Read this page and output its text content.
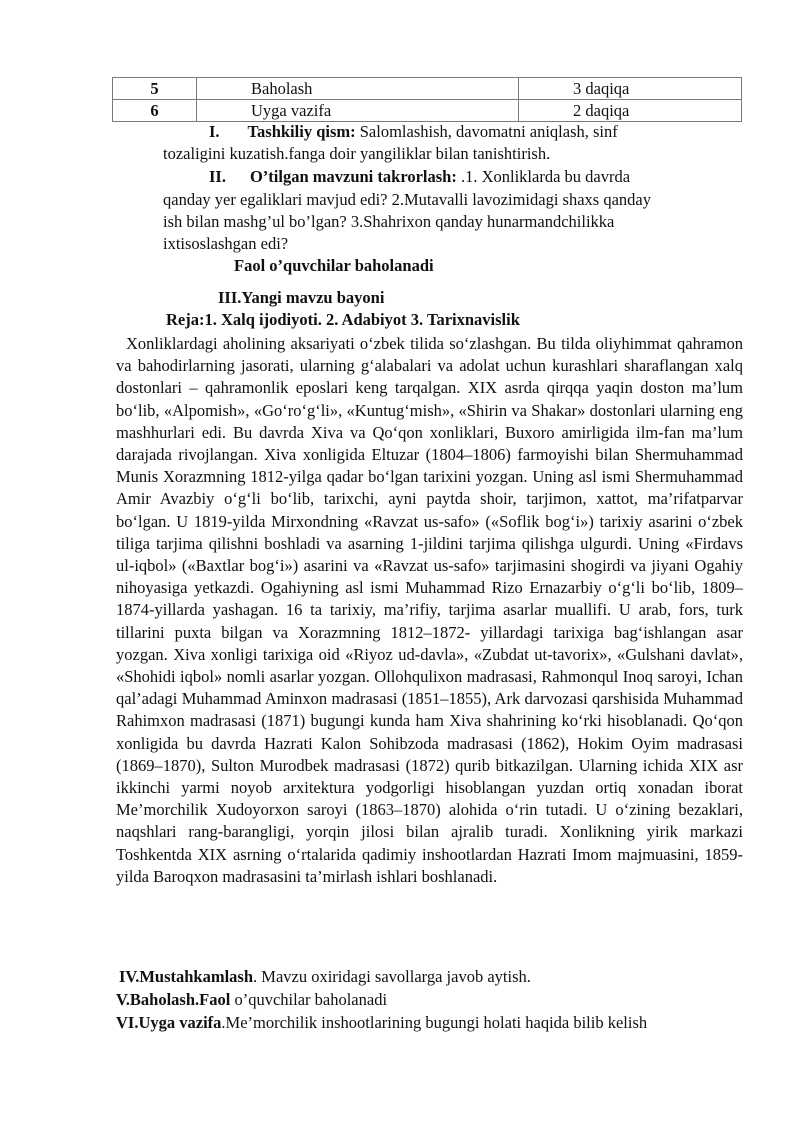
5	Baholash	3 daqiqa
6	Uyga vazifa	2 daqiqa
I. Tashkiliy qism: Salomlashish, davomatni aniqlash, sinf
tozaligini kuzatish.fanga doir yangiliklar bilan tanishtirish.
II. O’tilgan mavzuni takrorlash: .1. Xonliklarda bu davrda
qanday yer egaliklari mavjud edi? 2.Mutavalli lavozimidagi shaxs qanday
ish bilan mashg’ul bo’lgan? 3.Shahrixon qanday hunarmandchilikka
ixtisoslashgan edi?
Faol o’quvchilar baholanadi
III.Yangi mavzu bayoni
Reja:1. Xalq ijodiyoti. 2. Adabiyot 3. Tarixnavislik
Xonliklardagi aholining aksariyati o‘zbek tilida so‘zlashgan. Bu tilda oliyhimmat qahramon va bahodirlarning jasorati, ularning g‘alabalari va adolat uchun kurashlari sharaflangan xalq dostonlari – qahramonlik eposlari keng tarqalgan. XIX asrda qirqqa yaqin doston ma’lum bo‘lib, «Alpomish», «Go‘ro‘g‘li», «Kuntug‘mish», «Shirin va Shakar» dostonlari ularning eng mashhurlari edi. Bu davrda Xiva va Qo‘qon xonliklari, Buxoro amirligida ilm-fan ma’lum darajada rivojlangan. Xiva xonligida Eltuzar (1804–1806) farmoyishi bilan Shermuhammad Munis Xorazmning 1812-yilga qadar bo‘lgan tarixini yozgan. Uning asl ismi Shermuhammad Amir Avazbiy o‘g‘li bo‘lib, tarixchi, ayni paytda shoir, tarjimon, xattot, ma’rifatparvar bo‘lgan. U 1819-yilda Mirxondning «Ravzat us-safo» («Soflik bog‘i») tarixiy asarini o‘zbek tiliga tarjima qilishni boshladi va asarning 1-jildini tarjima qilishga ulgurdi. Uning «Firdavs ul-iqbol» («Baxtlar bog‘i») asarini va «Ravzat us-safo» tarjimasini shogirdi va jiyani Ogahiy nihoyasiga yetkazdi. Ogahiyning asl ismi Muhammad Rizo Ernazarbiy o‘g‘li bo‘lib, 1809–1874-yillarda yashagan. 16 ta tarixiy, ma’rifiy, tarjima asarlar muallifi. U arab, fors, turk tillarini puxta bilgan va Xorazmning 1812–1872- yillardagi tarixiga bag‘ishlangan asar yozgan. Xiva xonligi tarixiga oid «Riyoz ud-davla», «Zubdat ut-tavorix», «Gulshani davlat», «Shohidi iqbol» nomli asarlar yozgan. Ollohqulixon madrasasi, Rahmonqul Inoq saroyi, Ichan qal’adagi Muhammad Aminxon madrasasi (1851–1855), Ark darvozasi qarshisida Muhammad Rahimxon madrasasi (1871) bugungi kunda ham Xiva shahrining ko‘rki hisoblanadi. Qo‘qon xonligida bu davrda Hazrati Kalon Sohibzoda madrasasi (1862), Hokim Oyim madrasasi (1869–1870), Sulton Murodbek madrasasi (1872) qurib bitkazilgan. Ularning ichida XIX asr ikkinchi yarmi noyob arxitektura yodgorligi hisoblangan yuzdan ortiq xonadan iborat Me’morchilik Xudoyorxon saroyi (1863–1870) alohida o‘rin tutadi. U o‘zining bezaklari, naqshlari rang-barangligi, yorqin jilosi bilan ajralib turadi. Xonlikning yirik markazi Toshkentda XIX asrning o‘rtalarida qadimiy inshootlardan Hazrati Imom majmuasini, 1859-yilda Baroqxon madrasasini ta’mirlash ishlari boshlanadi.
IV.Mustahkamlash. Mavzu oxiridagi savollarga javob aytish.
V.Baholash.Faol o’quvchilar baholanadi
VI.Uyga vazifa.Me’morchilik inshootlarining bugungi holati haqida bilib kelish
